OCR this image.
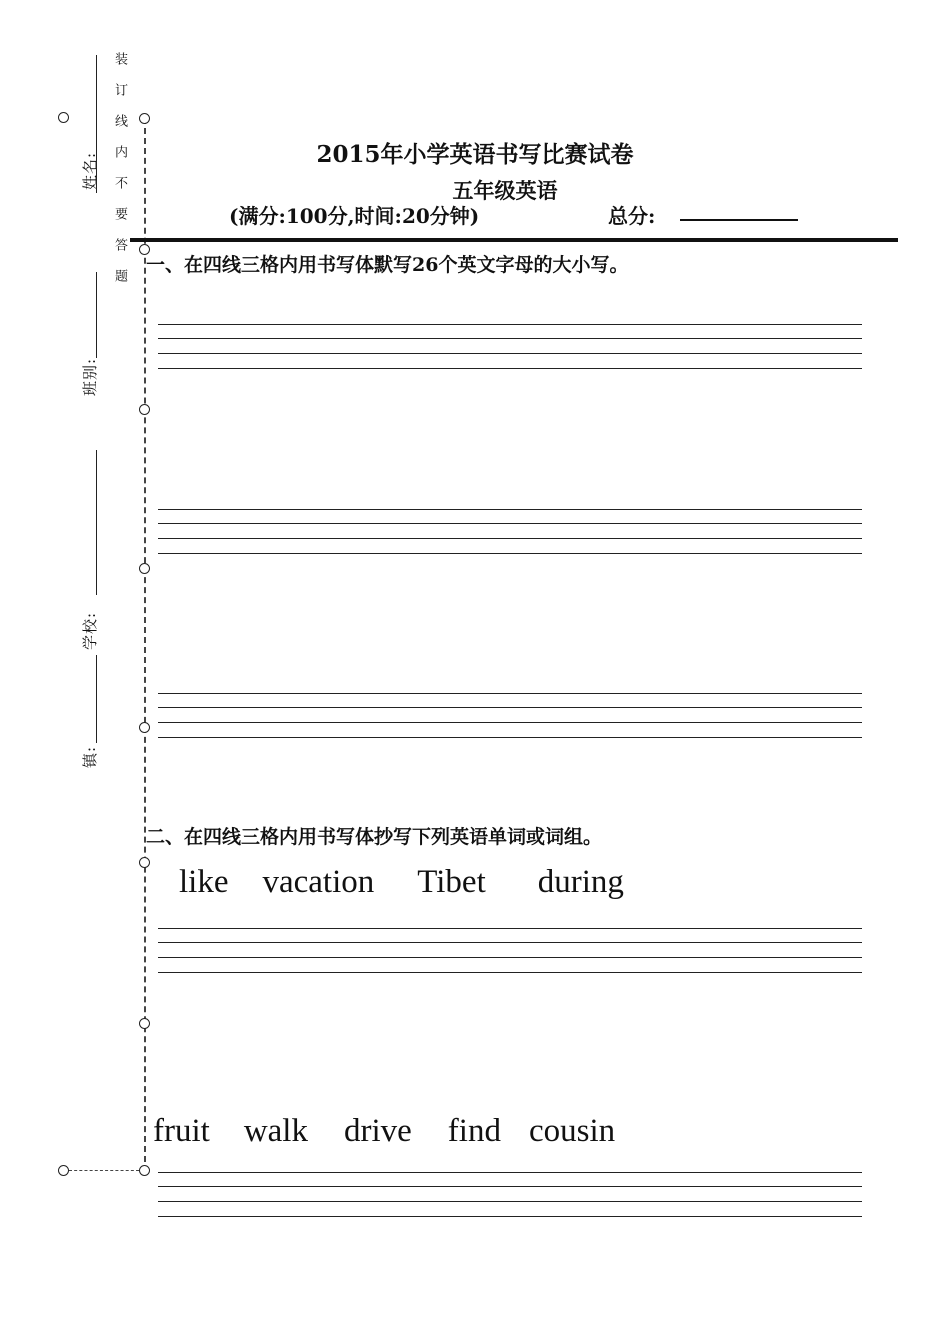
姓名:
班别:
学校:
镇:
装订线内不要答题	2015年小学英语书写比赛试卷
五年级英语
(满分:100分,时间:20分钟)	总分:
一、在四线三格内用书写体默写26个英文字母的大小写。
二、在四线三格内用书写体抄写下列英语单词或词组。
like vacation Tibet during
fruit walk drive find cousin
